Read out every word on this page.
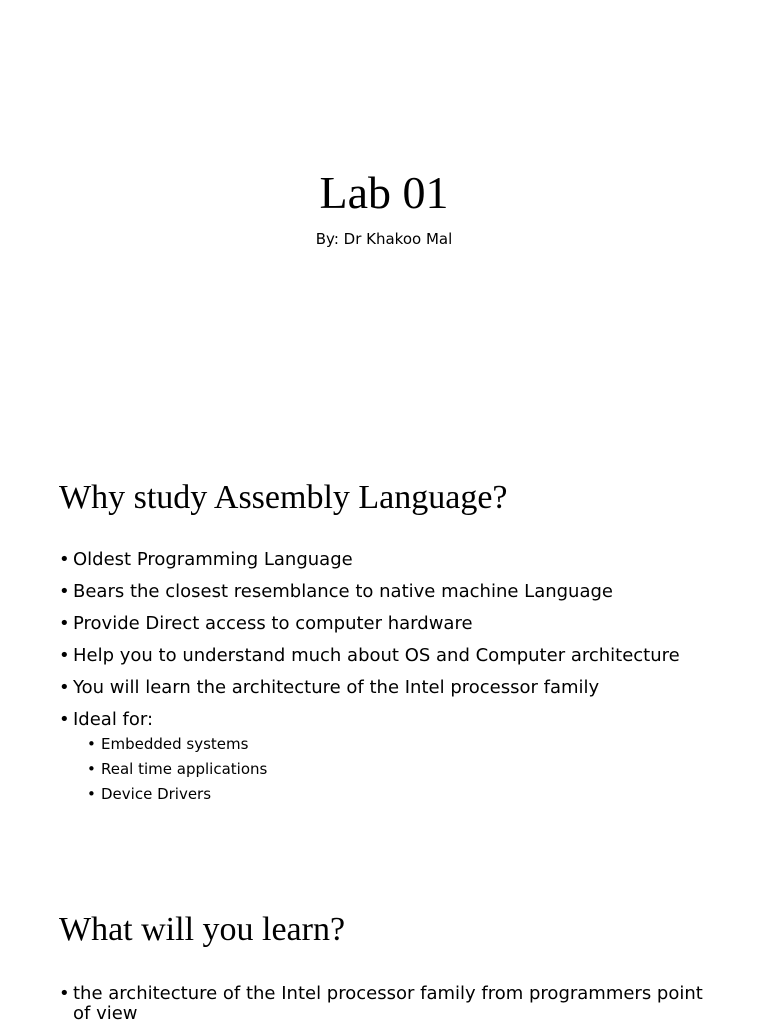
Lab 01
By: Dr Khakoo Mal
Why study Assembly Language?
• Oldest Programming Language
• Bears the closest resemblance to native machine Language
• Provide Direct access to computer hardware
• Help you to understand much about OS and Computer architecture
• You will learn the architecture of the Intel processor family
• Ideal for:
• Embedded systems
• Real time applications
• Device Drivers
What will you learn?
• the architecture of the Intel processor family from programmers point of view
